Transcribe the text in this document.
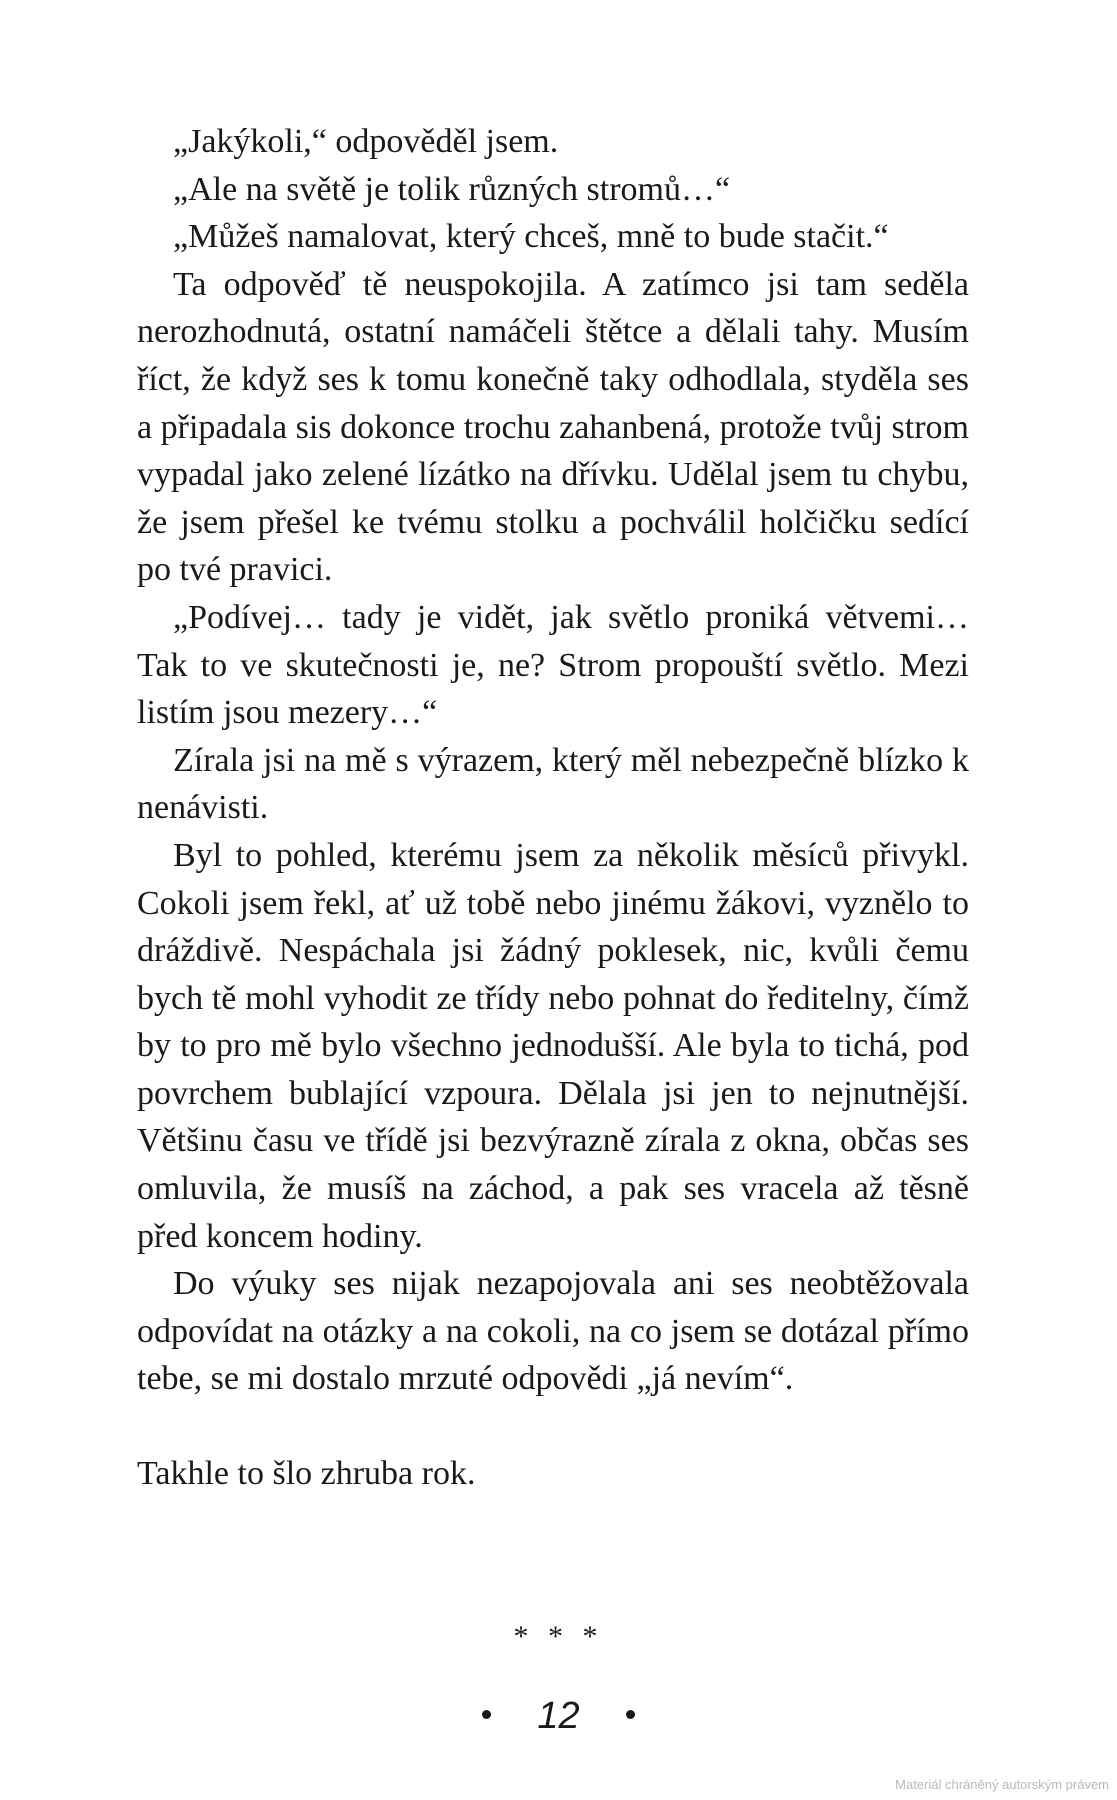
„Jakýkoli,“ odpověděl jsem.

„Ale na světě je tolik různých stromů…“

„Můžeš namalovat, který chceš, mně to bude stačit.“

Ta odpověď tě neuspokojila. A zatímco jsi tam seděla nerozhodnutá, ostatní namáčeli štětce a dělali tahy. Musím říct, že když ses k tomu konečně taky odhodlala, styděla ses a připadala sis dokonce trochu zahanbená, protože tvůj strom vypadal jako zelené lízátko na dřívku. Udělal jsem tu chybu, že jsem přešel ke tvému stolku a pochválil holčičku sedící po tvé pravici.

„Podívej… tady je vidět, jak světlo proniká větvemi… Tak to ve skutečnosti je, ne? Strom propouští světlo. Mezi listím jsou mezery…“

Zírala jsi na mě s výrazem, který měl nebezpečně blízko k nenávisti.

Byl to pohled, kterému jsem za několik měsíců přivykl. Cokoli jsem řekl, ať už tobě nebo jinému žákovi, vyznělo to dráždivě. Nespáchala jsi žádný poklesek, nic, kvůli čemu bych tě mohl vyhodit ze třídy nebo pohnat do ředitelny, čímž by to pro mě bylo všechno jednodušší. Ale byla to tichá, pod povrchem bublající vzpoura. Dělala jsi jen to nejnutnější. Většinu času ve třídě jsi bezvýrazně zírala z okna, občas ses omluvila, že musíš na záchod, a pak ses vracela až těsně před koncem hodiny.

Do výuky ses nijak nezapojovala ani ses neobtěžovala odpovídat na otázky a na cokoli, na co jsem se dotázal přímo tebe, se mi dostalo mrzuté odpovědi „já nevím“.

Takhle to šlo zhruba rok.

* * *
12
Materiál chráněný autorským právem
